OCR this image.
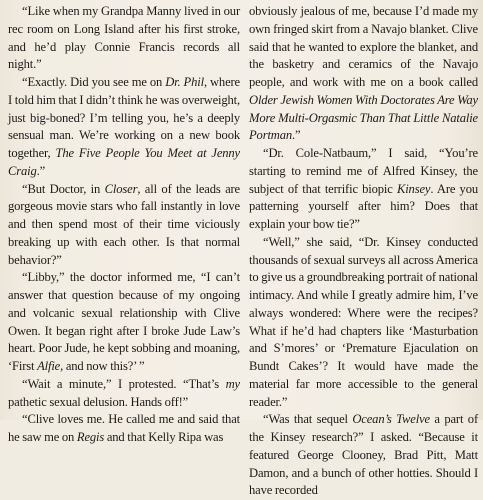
“Like when my Grandpa Manny lived in our rec room on Long Island after his first stroke, and he’d play Connie Francis records all night.”

“Exactly. Did you see me on Dr. Phil, where I told him that I didn’t think he was overweight, just big-boned? I’m telling you, he’s a deeply sensual man. We’re working on a new book together, The Five People You Meet at Jenny Craig.”

“But Doctor, in Closer, all of the leads are gorgeous movie stars who fall instantly in love and then spend most of their time viciously breaking up with each other. Is that normal behavior?”

“Libby,” the doctor informed me, “I can’t answer that question because of my ongoing and volcanic sexual relationship with Clive Owen. It began right after I broke Jude Law’s heart. Poor Jude, he kept sobbing and moaning, ‘First Alfie, and now this?’ ”

“Wait a minute,” I protested. “That’s my pathetic sexual delusion. Hands off!”

“Clive loves me. He called me and said that he saw me on Regis and that Kelly Ripa was

obviously jealous of me, because I’d made my own fringed skirt from a Navajo blanket. Clive said that he wanted to explore the blanket, and the basketry and ceramics of the Navajo people, and work with me on a book called Older Jewish Women With Doctorates Are Way More Multi-Orgasmic Than That Little Natalie Portman.”

“Dr. Cole-Natbaum,” I said, “You’re starting to remind me of Alfred Kinsey, the subject of that terrific biopic Kinsey. Are you patterning yourself after him? Does that explain your bow tie?”

“Well,” she said, “Dr. Kinsey conducted thousands of sexual surveys all across America to give us a groundbreaking portrait of national intimacy. And while I greatly admire him, I’ve always wondered: Where were the recipes? What if he’d had chapters like ‘Masturbation and S’mores’ or ‘Premature Ejaculation on Bundt Cakes’? It would have made the material far more accessible to the general reader.”

“Was that sequel Ocean’s Twelve a part of the Kinsey research?” I asked. “Because it featured George Clooney, Brad Pitt, Matt Damon, and a bunch of other hotties. Should I have recorded
